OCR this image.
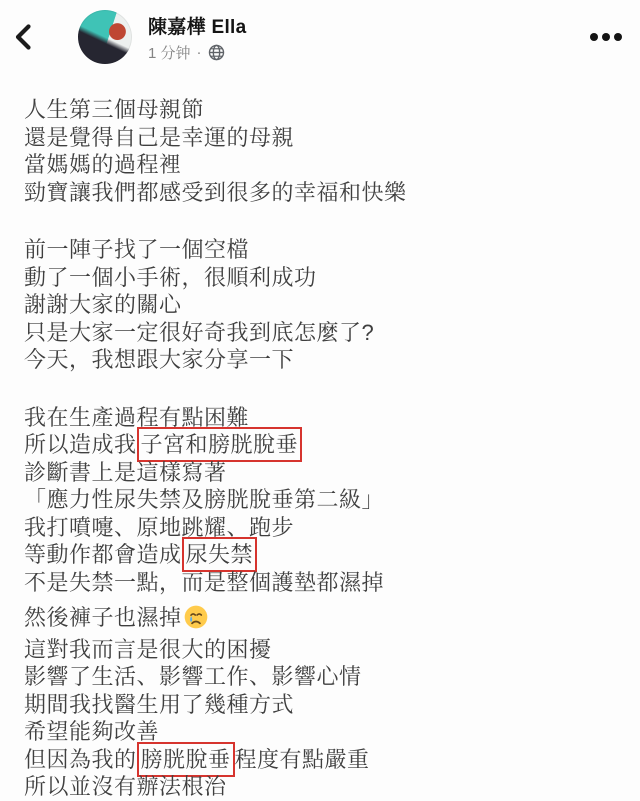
陳嘉樺 Ella
1 分钟 ·

人生第三個母親節
還是覺得自己是幸運的母親
當媽媽的過程裡
勁寶讓我們都感受到很多的幸福和快樂

前一陣子找了一個空檔
動了一個小手術，很順利成功
謝謝大家的關心
只是大家一定很好奇我到底怎麼了?
今天，我想跟大家分享一下

我在生產過程有點困難
所以造成我 子宮和膀胱脫垂
診斷書上是這樣寫著
「應力性尿失禁及膀胱脫垂第二級」
我打噴嚏、原地跳耀、跑步
等動作都會造成 尿失禁
不是失禁一點，而是整個護墊都濕掉

然後褲子也濕掉
這對我而言是很大的困擾
影響了生活、影響工作、影響心情
期間我找醫生用了幾種方式
希望能夠改善
但因為我的 膀胱脫垂 程度有點嚴重
所以並沒有辦法根治
